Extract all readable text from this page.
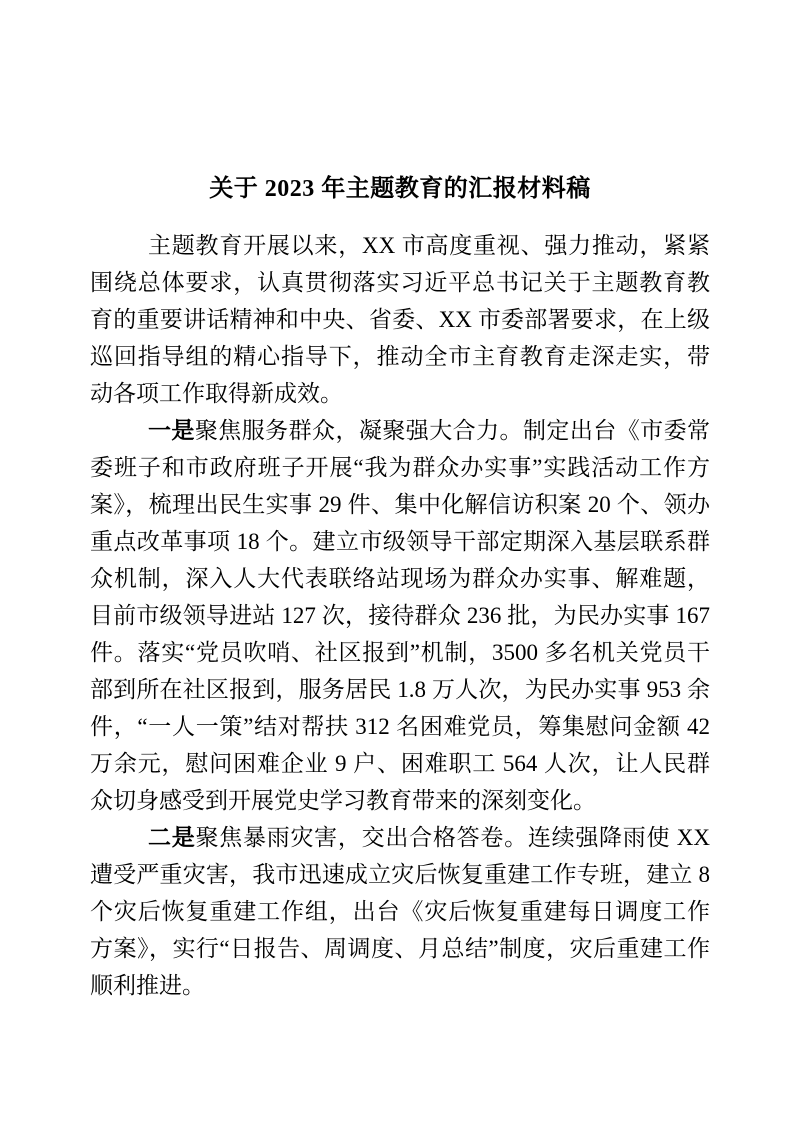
关于 2023 年主题教育的汇报材料稿

主题教育开展以来，XX 市高度重视、强力推动，紧紧围绕总体要求，认真贯彻落实习近平总书记关于主题教育教育的重要讲话精神和中央、省委、XX 市委部署要求，在上级巡回指导组的精心指导下，推动全市主育教育走深走实，带动各项工作取得新成效。

一是聚焦服务群众，凝聚强大合力。制定出台《市委常委班子和市政府班子开展“我为群众办实事”实践活动工作方案》，梳理出民生实事 29 件、集中化解信访积案 20 个、领办重点改革事项 18 个。建立市级领导干部定期深入基层联系群众机制，深入人大代表联络站现场为群众办实事、解难题，目前市级领导进站 127 次，接待群众 236 批，为民办实事 167 件。落实“党员吹哨、社区报到”机制，3500 多名机关党员干部到所在社区报到，服务居民 1.8 万人次，为民办实事 953 余件，“一人一策”结对帮扶 312 名困难党员，筹集慰问金额 42 万余元，慰问困难企业 9 户、困难职工 564 人次，让人民群众切身感受到开展党史学习教育带来的深刻变化。

二是聚焦暴雨灾害，交出合格答卷。连续强降雨使 XX 遭受严重灾害，我市迅速成立灾后恢复重建工作专班，建立 8 个灾后恢复重建工作组，出台《灾后恢复重建每日调度工作方案》，实行“日报告、周调度、月总结”制度，灾后重建工作顺利推进。
